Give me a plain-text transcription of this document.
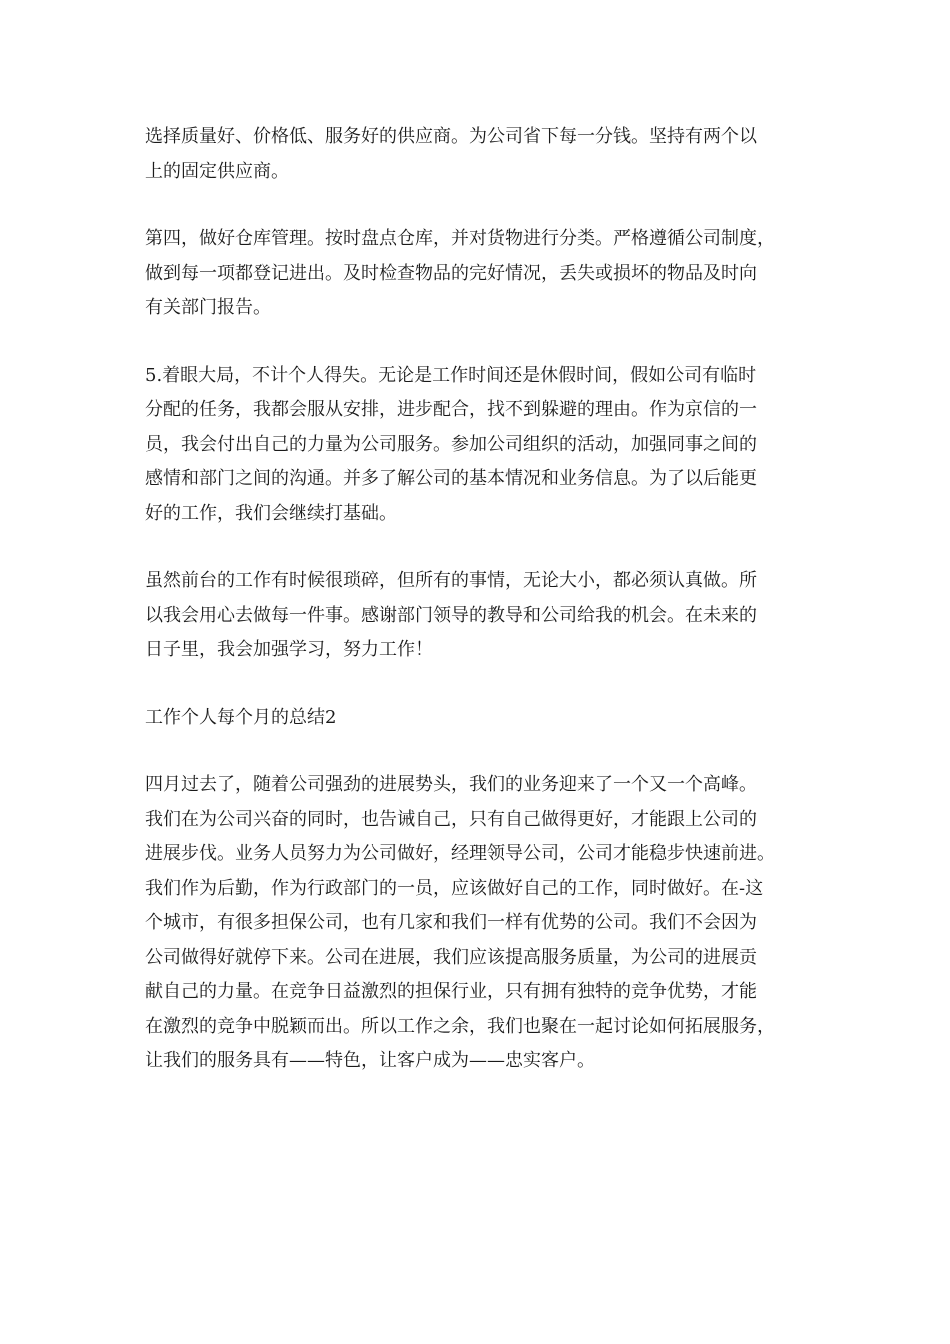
选择质量好、价格低、服务好的供应商。为公司省下每一分钱。坚持有两个以
上的固定供应商。

第四，做好仓库管理。按时盘点仓库，并对货物进行分类。严格遵循公司制度，
做到每一项都登记进出。及时检查物品的完好情况，丢失或损坏的物品及时向
有关部门报告。

5.着眼大局，不计个人得失。无论是工作时间还是休假时间，假如公司有临时
分配的任务，我都会服从安排，进步配合，找不到躲避的理由。作为京信的一
员，我会付出自己的力量为公司服务。参加公司组织的活动，加强同事之间的
感情和部门之间的沟通。并多了解公司的基本情况和业务信息。为了以后能更
好的工作，我们会继续打基础。

虽然前台的工作有时候很琐碎，但所有的事情，无论大小，都必须认真做。所
以我会用心去做每一件事。感谢部门领导的教导和公司给我的机会。在未来的
日子里，我会加强学习，努力工作！

工作个人每个月的总结2

四月过去了，随着公司强劲的进展势头，我们的业务迎来了一个又一个高峰。
我们在为公司兴奋的同时，也告诫自己，只有自己做得更好，才能跟上公司的
进展步伐。业务人员努力为公司做好，经理领导公司，公司才能稳步快速前进。
我们作为后勤，作为行政部门的一员，应该做好自己的工作，同时做好。在-这
个城市，有很多担保公司，也有几家和我们一样有优势的公司。我们不会因为
公司做得好就停下来。公司在进展，我们应该提高服务质量，为公司的进展贡
献自己的力量。在竞争日益激烈的担保行业，只有拥有独特的竞争优势，才能
在激烈的竞争中脱颖而出。所以工作之余，我们也聚在一起讨论如何拓展服务，
让我们的服务具有——特色，让客户成为——忠实客户。
